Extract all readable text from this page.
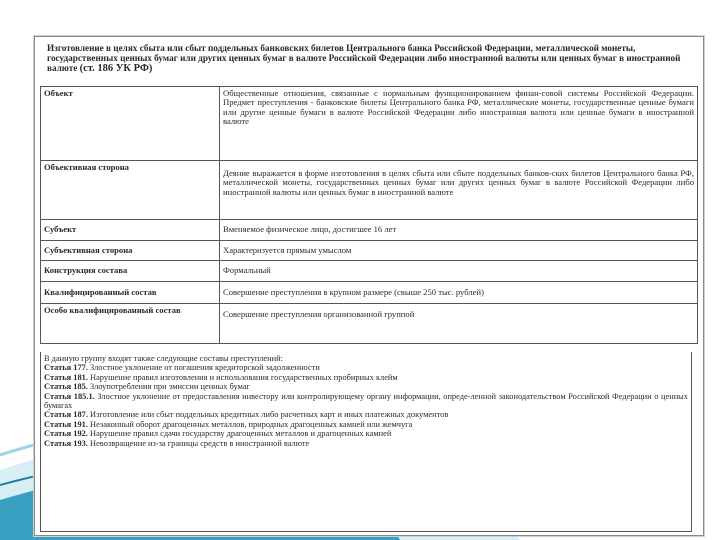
Изготовление в целях сбыта или сбыт поддельных банковских билетов Центрального банка Российской Федерации, металлической монеты, государственных ценных бумаг или других ценных бумаг в валюте Российской Федерации либо иностранной валюты или ценных бумаг в иностранной валюте (ст. 186 УК РФ)
Объект	Общественные отношения, связанные с нормальным функционированием финан-совой системы Российской Федерации. Предмет преступления - банковские билеты Центрального банка РФ, металлические монеты, государственные ценные бумаги или другие ценные бумаги в валюте Российской Федерации либо иностранная валюта или ценные бумаги в иностранной валюте
Объективная сторона	Деяние выражается в форме изготовления в целях сбыта или сбыте поддельных банков-ских билетов Центрального банка РФ, металлической монеты, государственных ценных бумаг или других ценных бумаг в валюте Российской Федерации либо иностранной валюты или ценных бумаг в иностранной валюте
Субъект	Вменяемое физическое лицо, достигшее 16 лет
Субъективная сторона	Характеризуется прямым умыслом
Конструкция состава	Формальный
Квалифицированный состав	Совершение преступления в крупном размере (свыше 250 тыс. рублей)
Особо квалифицированный состав	Совершение преступления организованной группой
В данную группу входят также следующие составы преступлений:
Статья 177. Злостное уклонение от погашения кредиторской задолженности
Статья 181. Нарушение правил изготовления и использования государственных пробирных клейм
Статья 185. Злоупотребления при эмиссии ценных бумаг
Статья 185.1. Злостное уклонение от предоставления инвестору или контролирующему органу информации, опреде-ленной законодательством Российской Федерации о ценных бумагах
Статья 187. Изготовление или сбыт поддельных кредитных либо расчетных карт и иных платежных документов
Статья 191. Незаконный оборот драгоценных металлов, природных драгоценных камней или жемчуга
Статья 192. Нарушение правил сдачи государству драгоценных металлов и драгоценных камней
Статья 193. Невозвращение из-за границы средств в иностранной валюте
